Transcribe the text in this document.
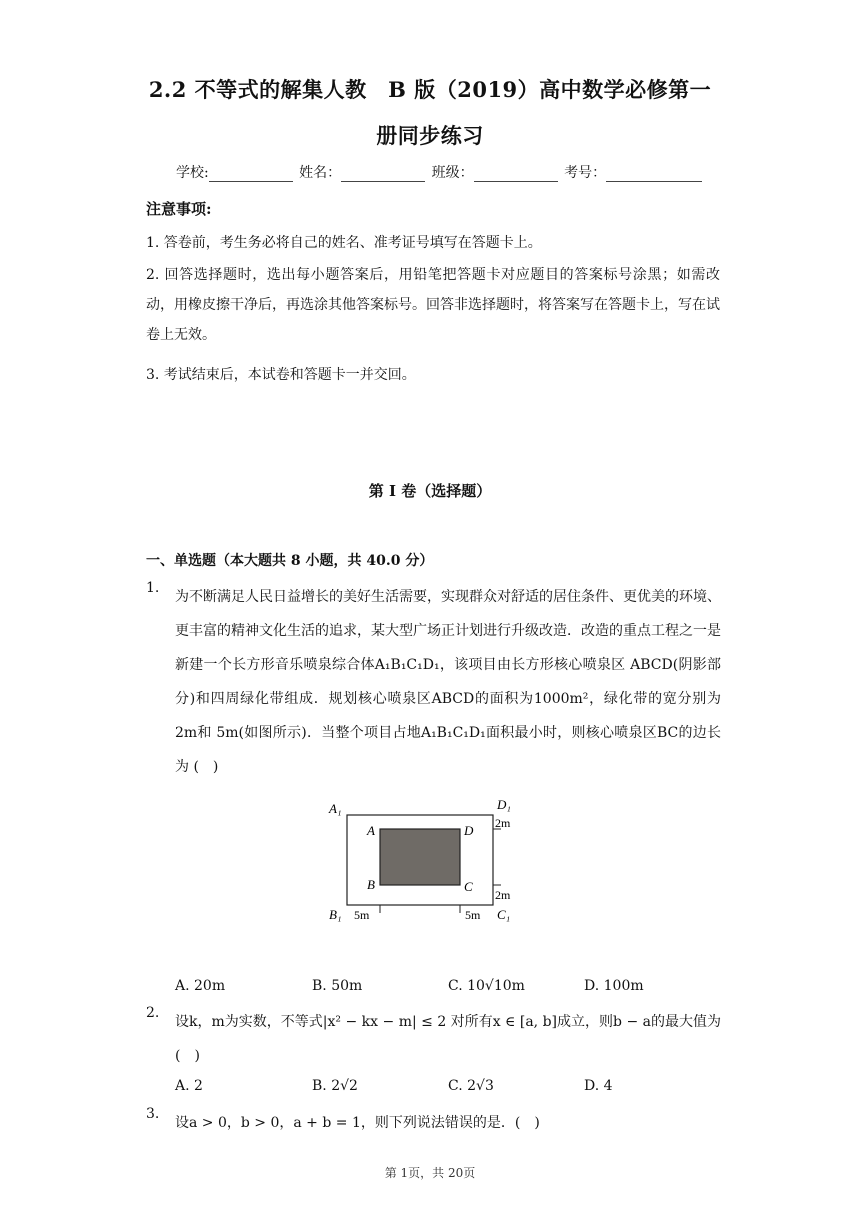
2.2 不等式的解集人教　B 版（2019）高中数学必修第一
册同步练习
学校:	姓名：	班级：	考号：
注意事项:
1. 答卷前，考生务必将自己的姓名、准考证号填写在答题卡上。
2. 回答选择题时，选出每小题答案后，用铅笔把答题卡对应题目的答案标号涂黑；如需改动，用橡皮擦干净后，再选涂其他答案标号。回答非选择题时，将答案写在答题卡上，写在试卷上无效。
3. 考试结束后，本试卷和答题卡一并交回。
第 I 卷（选择题）
一、单选题（本大题共 8 小题，共 40.0 分）
1.
为不断满足人民日益增长的美好生活需要，实现群众对舒适的居住条件、更优美的环境、更丰富的精神文化生活的追求，某大型广场正计划进行升级改造．改造的重点工程之一是新建一个长方形音乐喷泉综合体A₁B₁C₁D₁，该项目由长方形核心喷泉区 ABCD(阴影部分)和四周绿化带组成．规划核心喷泉区ABCD的面积为1000m²，绿化带的宽分别为 2m和 5m(如图所示)．当整个项目占地A₁B₁C₁D₁面积最小时，则核心喷泉区BC的边长为 (　)
A₁	D₁
A	D
B	C
B₁	C₁
2m
2m
5m	5m
A. 20m	B. 50m	C. 10√10m	D. 100m
2.
设k，m为实数，不等式|x² − kx − m| ≤ 2 对所有x ∈ [a, b]成立，则b − a的最大值为(　)
A. 2	B. 2√2	C. 2√3	D. 4
3.
设a > 0，b > 0，a + b = 1，则下列说法错误的是．(　)
第 1页，共 20页
